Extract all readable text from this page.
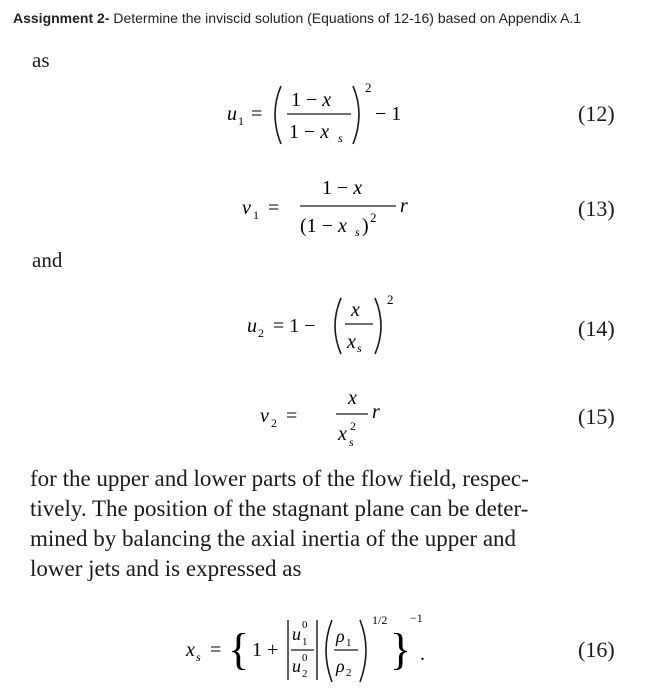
Assignment 2- Determine the inviscid solution (Equations of 12-16) based on Appendix A.1
as
u 1 =
1 − x
1 − x s
2
− 1	(12)
v 1 =
1 − x
(1 − x s ) 2
r	(13)
and
u 2 = 1 −
x
x s
2
(14)
v 2 =
x
x 2
s
r	(15)
for the upper and lower parts of the flow field, respec-
tively. The position of the stagnant plane can be deter-
mined by balancing the axial inertia of the upper and
lower jets and is expressed as
x s = { 1 +
u 0
1
u 0
2
ρ 1
ρ 2
1/2
}
−1
.	(16)
